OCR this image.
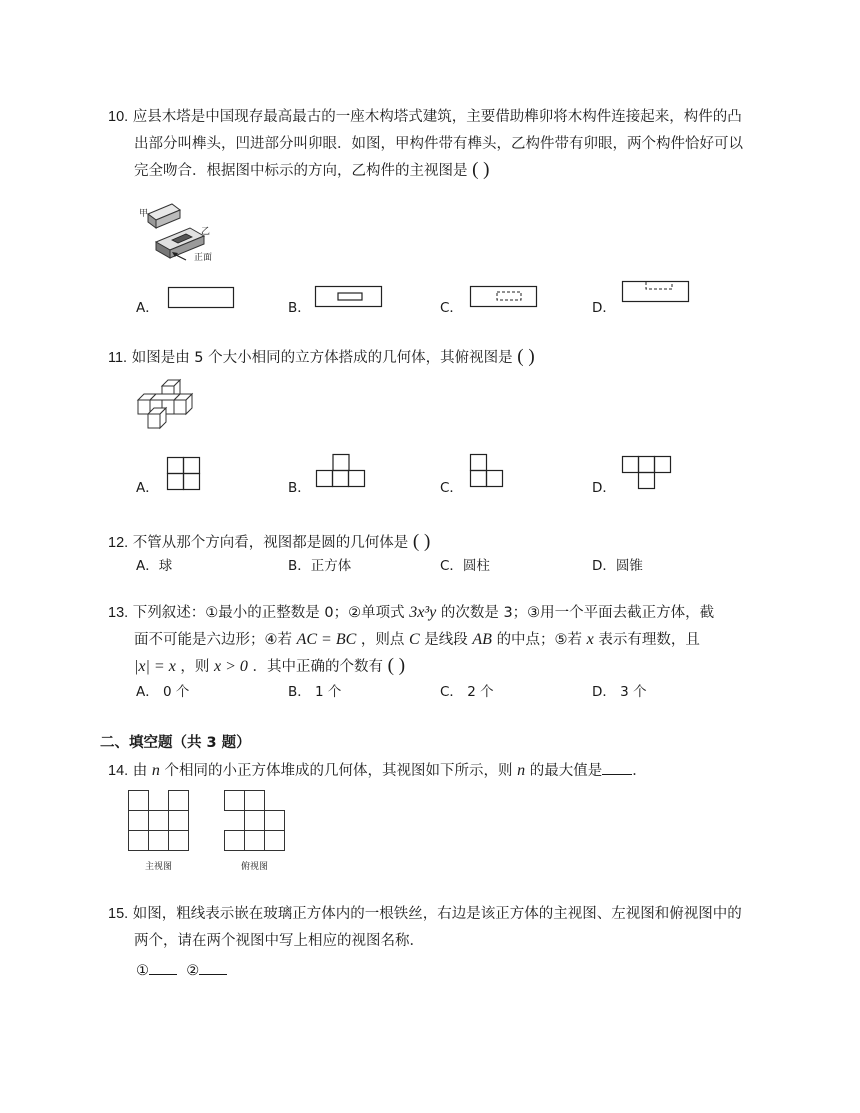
10. 应县木塔是中国现存最高最古的一座木构塔式建筑，主要借助榫卯将木构件连接起来，构件的凸
出部分叫榫头，凹进部分叫卯眼．如图，甲构件带有榫头，乙构件带有卯眼，两个构件恰好可以
完全吻合．根据图中标示的方向，乙构件的主视图是 ( )
甲
乙
正面
A．	B．	C．	D．
11. 如图是由 5 个大小相同的立方体搭成的几何体，其俯视图是 ( )
A．	B．	C．	D．
12. 不管从那个方向看，视图都是圆的几何体是 ( )
A．球	B．正方体	C．圆柱	D．圆锥
13. 下列叙述：①最小的正整数是 0；②单项式 3x³y 的次数是 3；③用一个平面去截正方体，截
面不可能是六边形；④若 AC = BC ，则点 C 是线段 AB 的中点；⑤若 x 表示有理数，且
|x| = x ，则 x > 0 ．其中正确的个数有 ( )
A． 0 个	B． 1 个	C． 2 个	D． 3 个
二、填空题（共 3 题）
14. 由 n 个相同的小正方体堆成的几何体，其视图如下所示，则 n 的最大值是 ．
主视图	俯视图
15. 如图，粗线表示嵌在玻璃正方体内的一根铁丝，右边是该正方体的主视图、左视图和俯视图中的
两个，请在两个视图中写上相应的视图名称．
①	②
